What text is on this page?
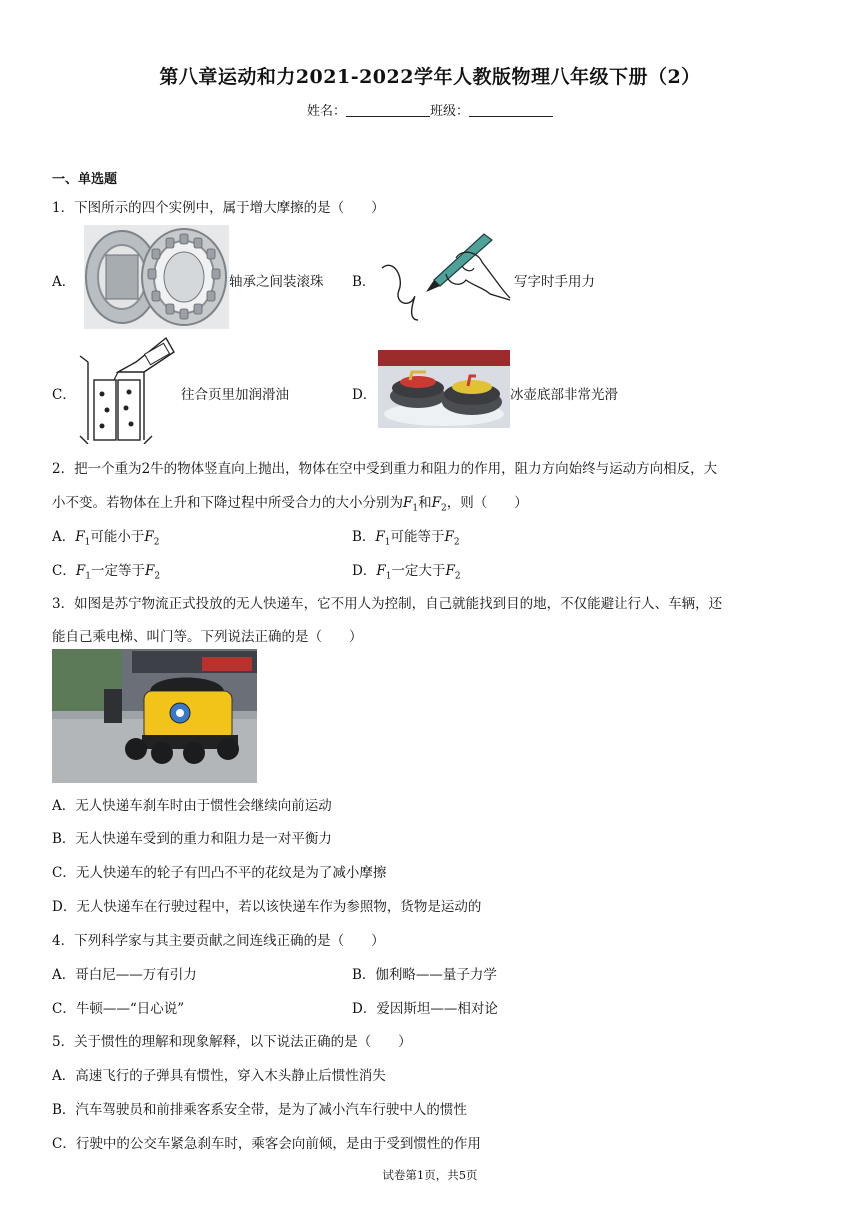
第八章运动和力2021-2022学年人教版物理八年级下册（2）
姓名：	班级：
一、单选题
1．下图所示的四个实例中，属于增大摩擦的是（　　）
A．	轴承之间装滚珠 B．	写字时手用力
C．	往合页里加润滑油	D．	冰壶底部非常光滑
2．把一个重为2牛的物体竖直向上抛出，物体在空中受到重力和阻力的作用，阻力方向始终与运动方向相反，大
小不变。若物体在上升和下降过程中所受合力的大小分别为$F_1$和$F_2$，则（　　）
A．$F_1$可能小于$F_2$	B．$F_1$可能等于$F_2$
C．$F_1$一定等于$F_2$	D．$F_1$一定大于$F_2$
3．如图是苏宁物流正式投放的无人快递车，它不用人为控制，自己就能找到目的地，不仅能避让行人、车辆，还
能自己乘电梯、叫门等。下列说法正确的是（　　）
A．无人快递车刹车时由于惯性会继续向前运动
B．无人快递车受到的重力和阻力是一对平衡力
C．无人快递车的轮子有凹凸不平的花纹是为了减小摩擦
D．无人快递车在行驶过程中，若以该快递车作为参照物，货物是运动的
4．下列科学家与其主要贡献之间连线正确的是（　　）
A．哥白尼——万有引力	B．伽利略——量子力学
C．牛顿——“日心说”	D．爱因斯坦——相对论
5．关于惯性的理解和现象解释，以下说法正确的是（　　）
A．高速飞行的子弹具有惯性，穿入木头静止后惯性消失
B．汽车驾驶员和前排乘客系安全带，是为了减小汽车行驶中人的惯性
C．行驶中的公交车紧急刹车时，乘客会向前倾，是由于受到惯性的作用
试卷第1页，共5页
